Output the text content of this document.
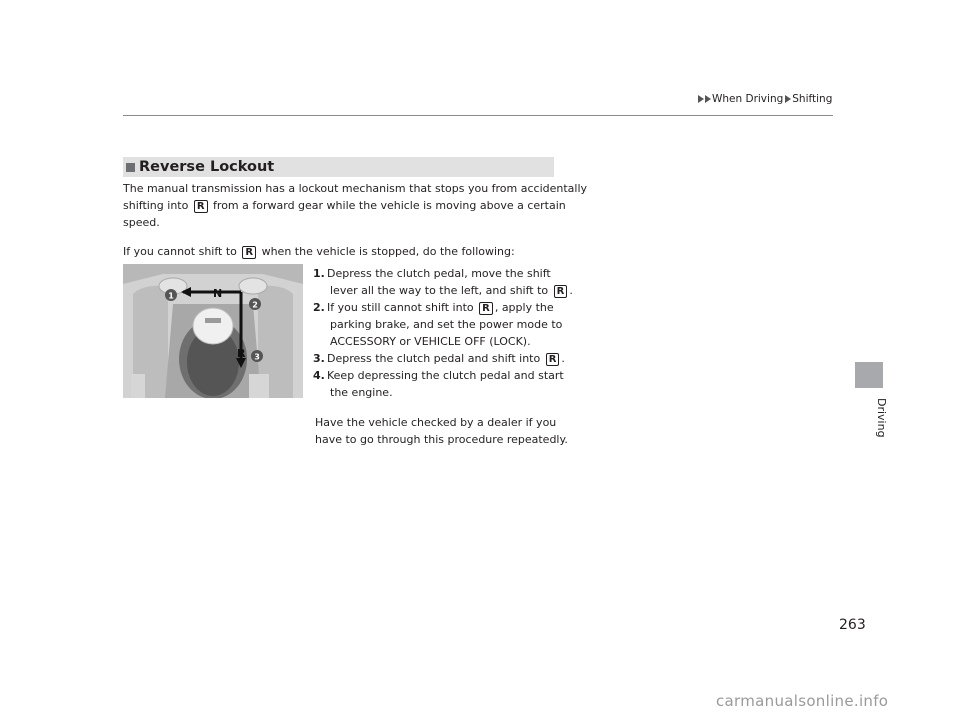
When Driving Shifting
Driving
Reverse Lockout
The manual transmission has a lockout mechanism that stops you from accidentally
shifting into R from a forward gear while the vehicle is moving above a certain
speed.
If you cannot shift to R when the vehicle is stopped, do the following:
1
2
3
N
R
1. Depress the clutch pedal, move the shift
lever all the way to the left, and shift to R .
2. If you still cannot shift into R , apply the
parking brake, and set the power mode to
ACCESSORY or VEHICLE OFF (LOCK).
3. Depress the clutch pedal and shift into R .
4. Keep depressing the clutch pedal and start
the engine.
Have the vehicle checked by a dealer if you
have to go through this procedure repeatedly.
263
carmanualsonline.info
